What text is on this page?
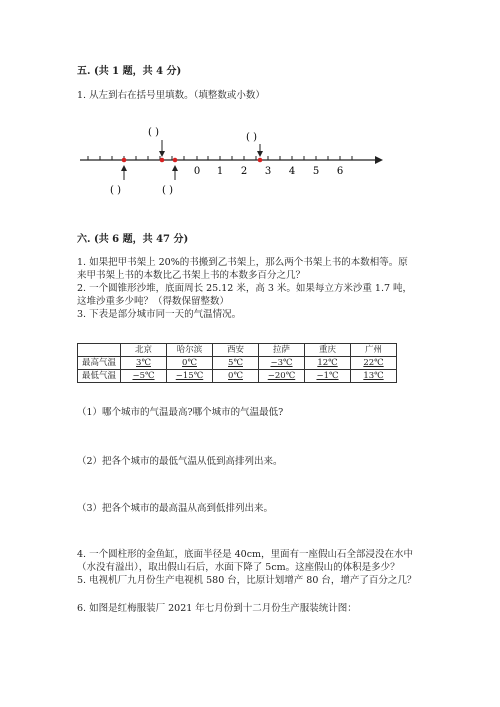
五. (共 1 题，共 4 分)
1. 从左到右在括号里填数。（填整数或小数）
( )	( )
0 1 2 3 4 5 6
( )	( )
六. (共 6 题，共 47 分)
1. 如果把甲书架上 20%的书搬到乙书架上，那么两个书架上书的本数相等。原
来甲书架上书的本数比乙书架上书的本数多百分之几？
2. 一个圆锥形沙堆，底面周长 25.12 米，高 3 米。如果每立方米沙重 1.7 吨，
这堆沙重多少吨？（得数保留整数）
3. 下表是部分城市同一天的气温情况。
	北京	哈尔滨	西安	拉萨	重庆	广州
最高气温	3℃	0℃	5℃	−3℃	12℃	22℃
最低气温	−5℃	−15℃	0℃	−20℃	−1℃	13℃
（1）哪个城市的气温最高?哪个城市的气温最低?
（2）把各个城市的最低气温从低到高排列出来。
（3）把各个城市的最高温从高到低排列出来。
4. 一个圆柱形的金鱼缸，底面半径是 40cm，里面有一座假山石全部浸没在水中
（水没有溢出），取出假山石后，水面下降了 5cm。这座假山的体积是多少？
5. 电视机厂九月份生产电视机 580 台，比原计划增产 80 台，增产了百分之几？
6. 如图是红梅服装厂 2021 年七月份到十二月份生产服装统计图：
